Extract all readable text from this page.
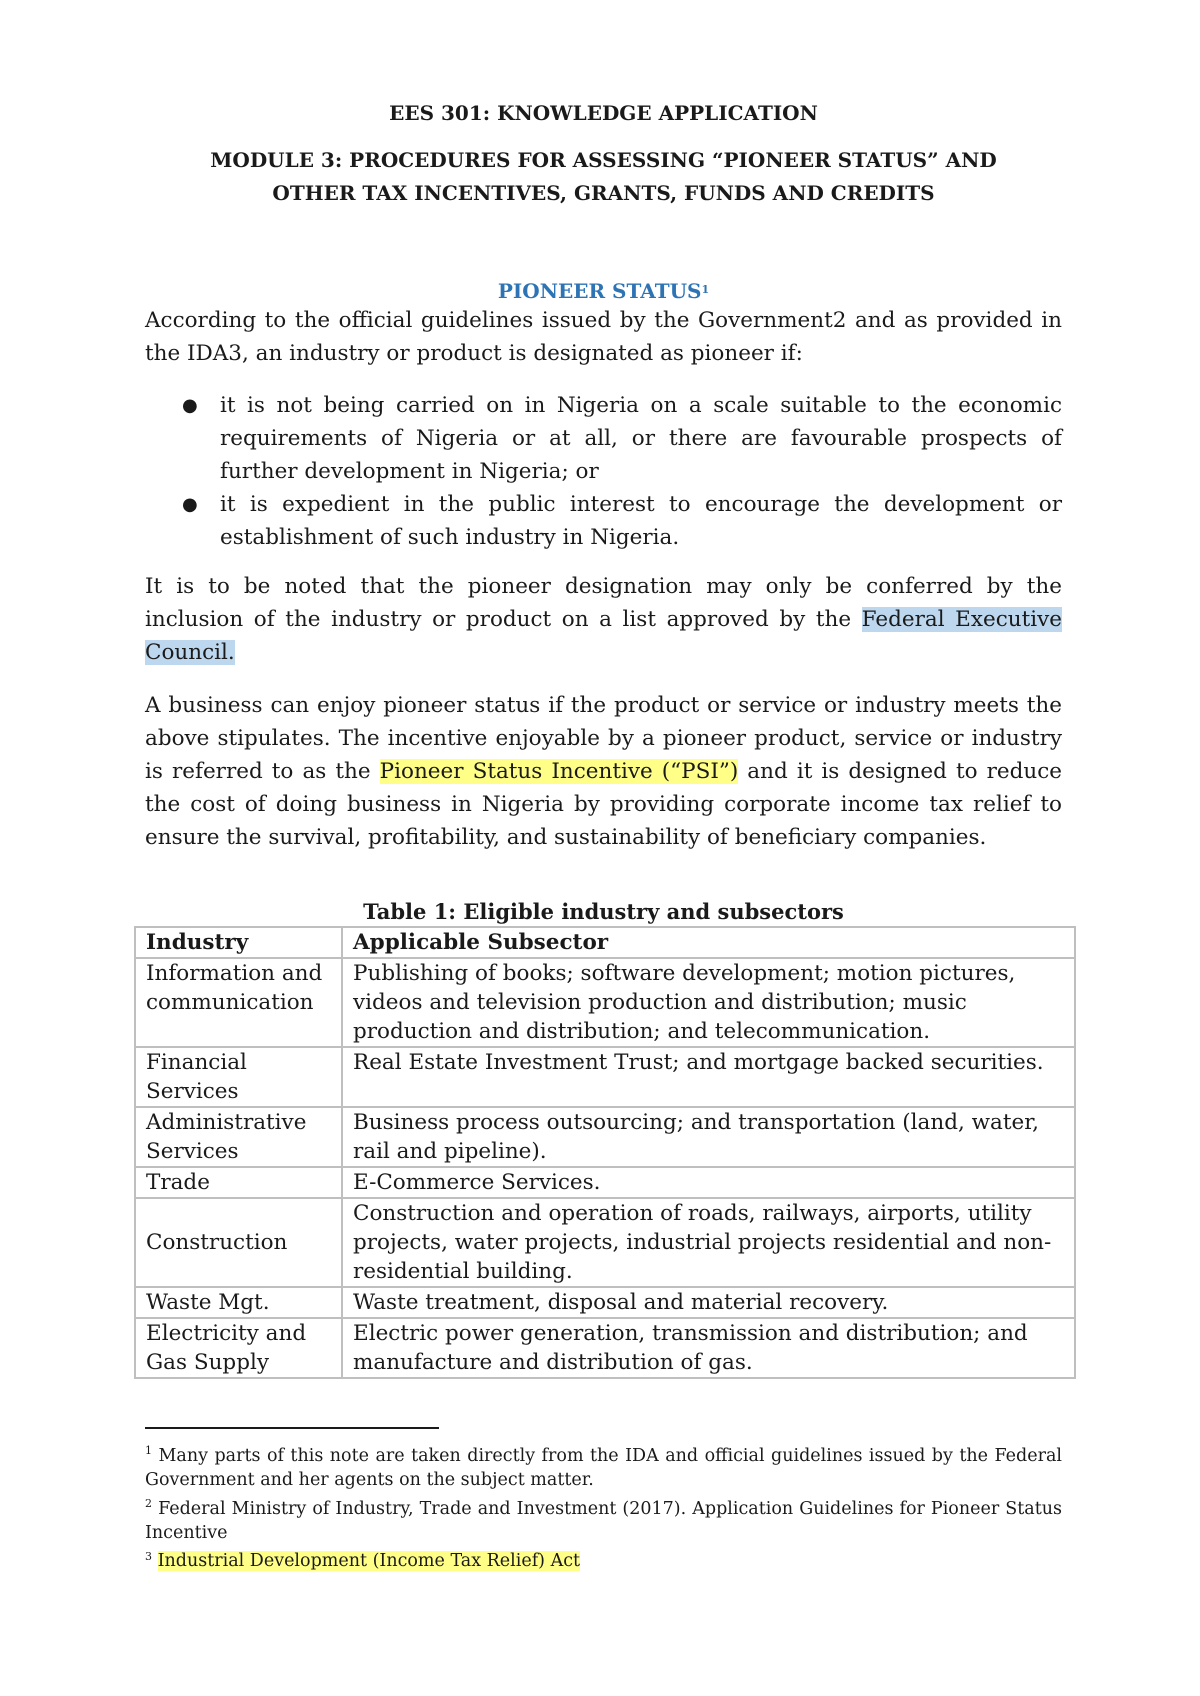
EES 301: KNOWLEDGE APPLICATION
MODULE 3: PROCEDURES FOR ASSESSING “PIONEER STATUS” AND
OTHER TAX INCENTIVES, GRANTS, FUNDS AND CREDITS
PIONEER STATUS$^1$

According to the official guidelines issued by the Government2 and as provided in the IDA3, an industry or product is designated as pioneer if:

● it is not being carried on in Nigeria on a scale suitable to the economic requirements of Nigeria or at all, or there are favourable prospects of further development in Nigeria; or
● it is expedient in the public interest to encourage the development or establishment of such industry in Nigeria.

It is to be noted that the pioneer designation may only be conferred by the inclusion of the industry or product on a list approved by the Federal Executive Council.

A business can enjoy pioneer status if the product or service or industry meets the above stipulates. The incentive enjoyable by a pioneer product, service or industry is referred to as the Pioneer Status Incentive (“PSI”) and it is designed to reduce the cost of doing business in Nigeria by providing corporate income tax relief to ensure the survival, profitability, and sustainability of beneficiary companies.

Table 1: Eligible industry and subsectors

Industry	Applicable Subsector
Information and communication	Publishing of books; software development; motion pictures, videos and television production and distribution; music production and distribution; and telecommunication.
Financial Services	Real Estate Investment Trust; and mortgage backed securities.
Administrative Services	Business process outsourcing; and transportation (land, water, rail and pipeline).
Trade	E-Commerce Services.
Construction	Construction and operation of roads, railways, airports, utility projects, water projects, industrial projects residential and non-residential building.
Waste Mgt.	Waste treatment, disposal and material recovery.
Electricity and Gas Supply	Electric power generation, transmission and distribution; and manufacture and distribution of gas.
$^1$ Many parts of this note are taken directly from the IDA and official guidelines issued by the Federal Government and her agents on the subject matter.
$^2$ Federal Ministry of Industry, Trade and Investment (2017). Application Guidelines for Pioneer Status Incentive
$^3$ Industrial Development (Income Tax Relief) Act
